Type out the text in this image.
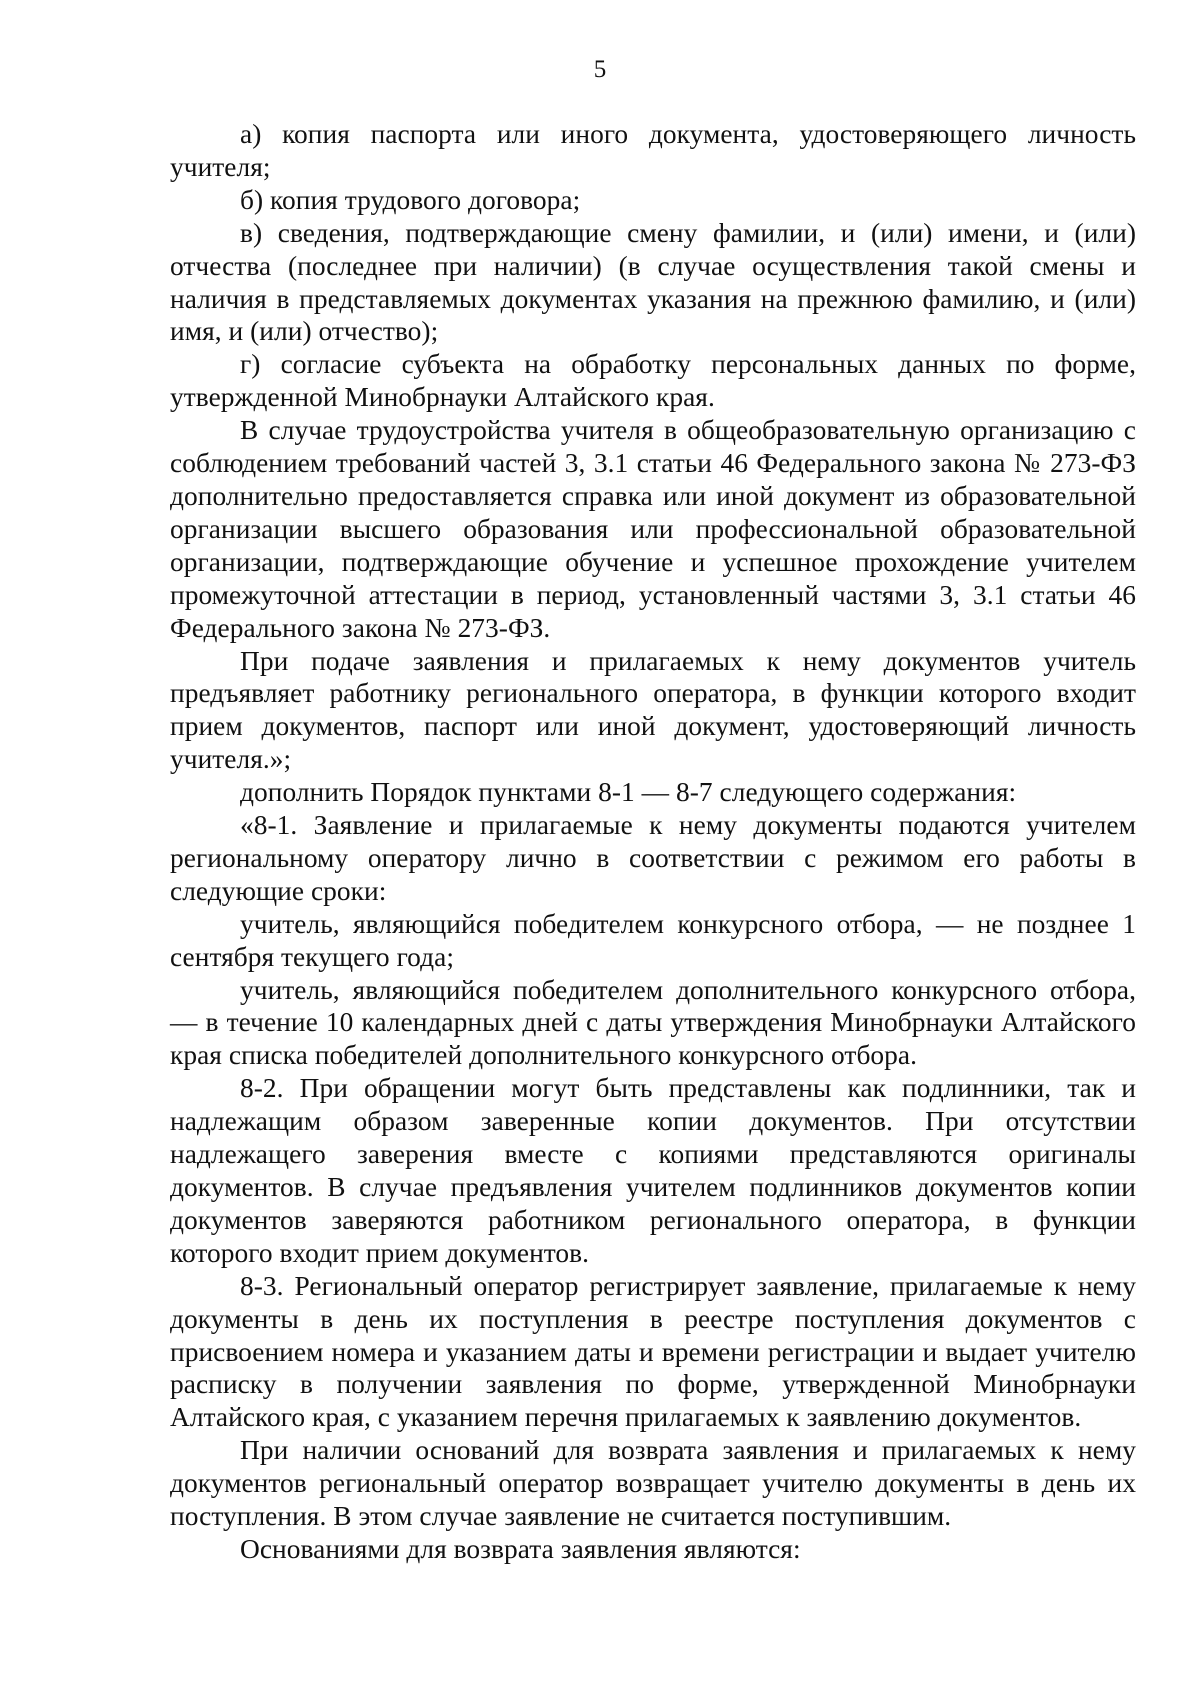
5

а) копия паспорта или иного документа, удостоверяющего личность учителя;

б) копия трудового договора;

в) сведения, подтверждающие смену фамилии, и (или) имени, и (или) отчества (последнее при наличии) (в случае осуществления такой смены и наличия в представляемых документах указания на прежнюю фамилию, и (или) имя, и (или) отчество);

г) согласие субъекта на обработку персональных данных по форме, утвержденной Минобрнауки Алтайского края.

В случае трудоустройства учителя в общеобразовательную организацию с соблюдением требований частей 3, 3.1 статьи 46 Федерального закона № 273-ФЗ дополнительно предоставляется справка или иной документ из образовательной организации высшего образования или профессиональной образовательной организации, подтверждающие обучение и успешное прохождение учителем промежуточной аттестации в период, установленный частями 3, 3.1 статьи 46 Федерального закона № 273-ФЗ.

При подаче заявления и прилагаемых к нему документов учитель предъявляет работнику регионального оператора, в функции которого входит прием документов, паспорт или иной документ, удостоверяющий личность учителя.»;

дополнить Порядок пунктами 8-1 — 8-7 следующего содержания:

«8-1. Заявление и прилагаемые к нему документы подаются учителем региональному оператору лично в соответствии с режимом его работы в следующие сроки:

учитель, являющийся победителем конкурсного отбора, — не позднее 1 сентября текущего года;

учитель, являющийся победителем дополнительного конкурсного отбора, — в течение 10 календарных дней с даты утверждения Минобрнауки Алтайского края списка победителей дополнительного конкурсного отбора.

8-2. При обращении могут быть представлены как подлинники, так и надлежащим образом заверенные копии документов. При отсутствии надлежащего заверения вместе с копиями представляются оригиналы документов. В случае предъявления учителем подлинников документов копии документов заверяются работником регионального оператора, в функции которого входит прием документов.

8-3. Региональный оператор регистрирует заявление, прилагаемые к нему документы в день их поступления в реестре поступления документов с присвоением номера и указанием даты и времени регистрации и выдает учителю расписку в получении заявления по форме, утвержденной Минобрнауки Алтайского края, с указанием перечня прилагаемых к заявлению документов.

При наличии оснований для возврата заявления и прилагаемых к нему документов региональный оператор возвращает учителю документы в день их поступления. В этом случае заявление не считается поступившим.

Основаниями для возврата заявления являются:
